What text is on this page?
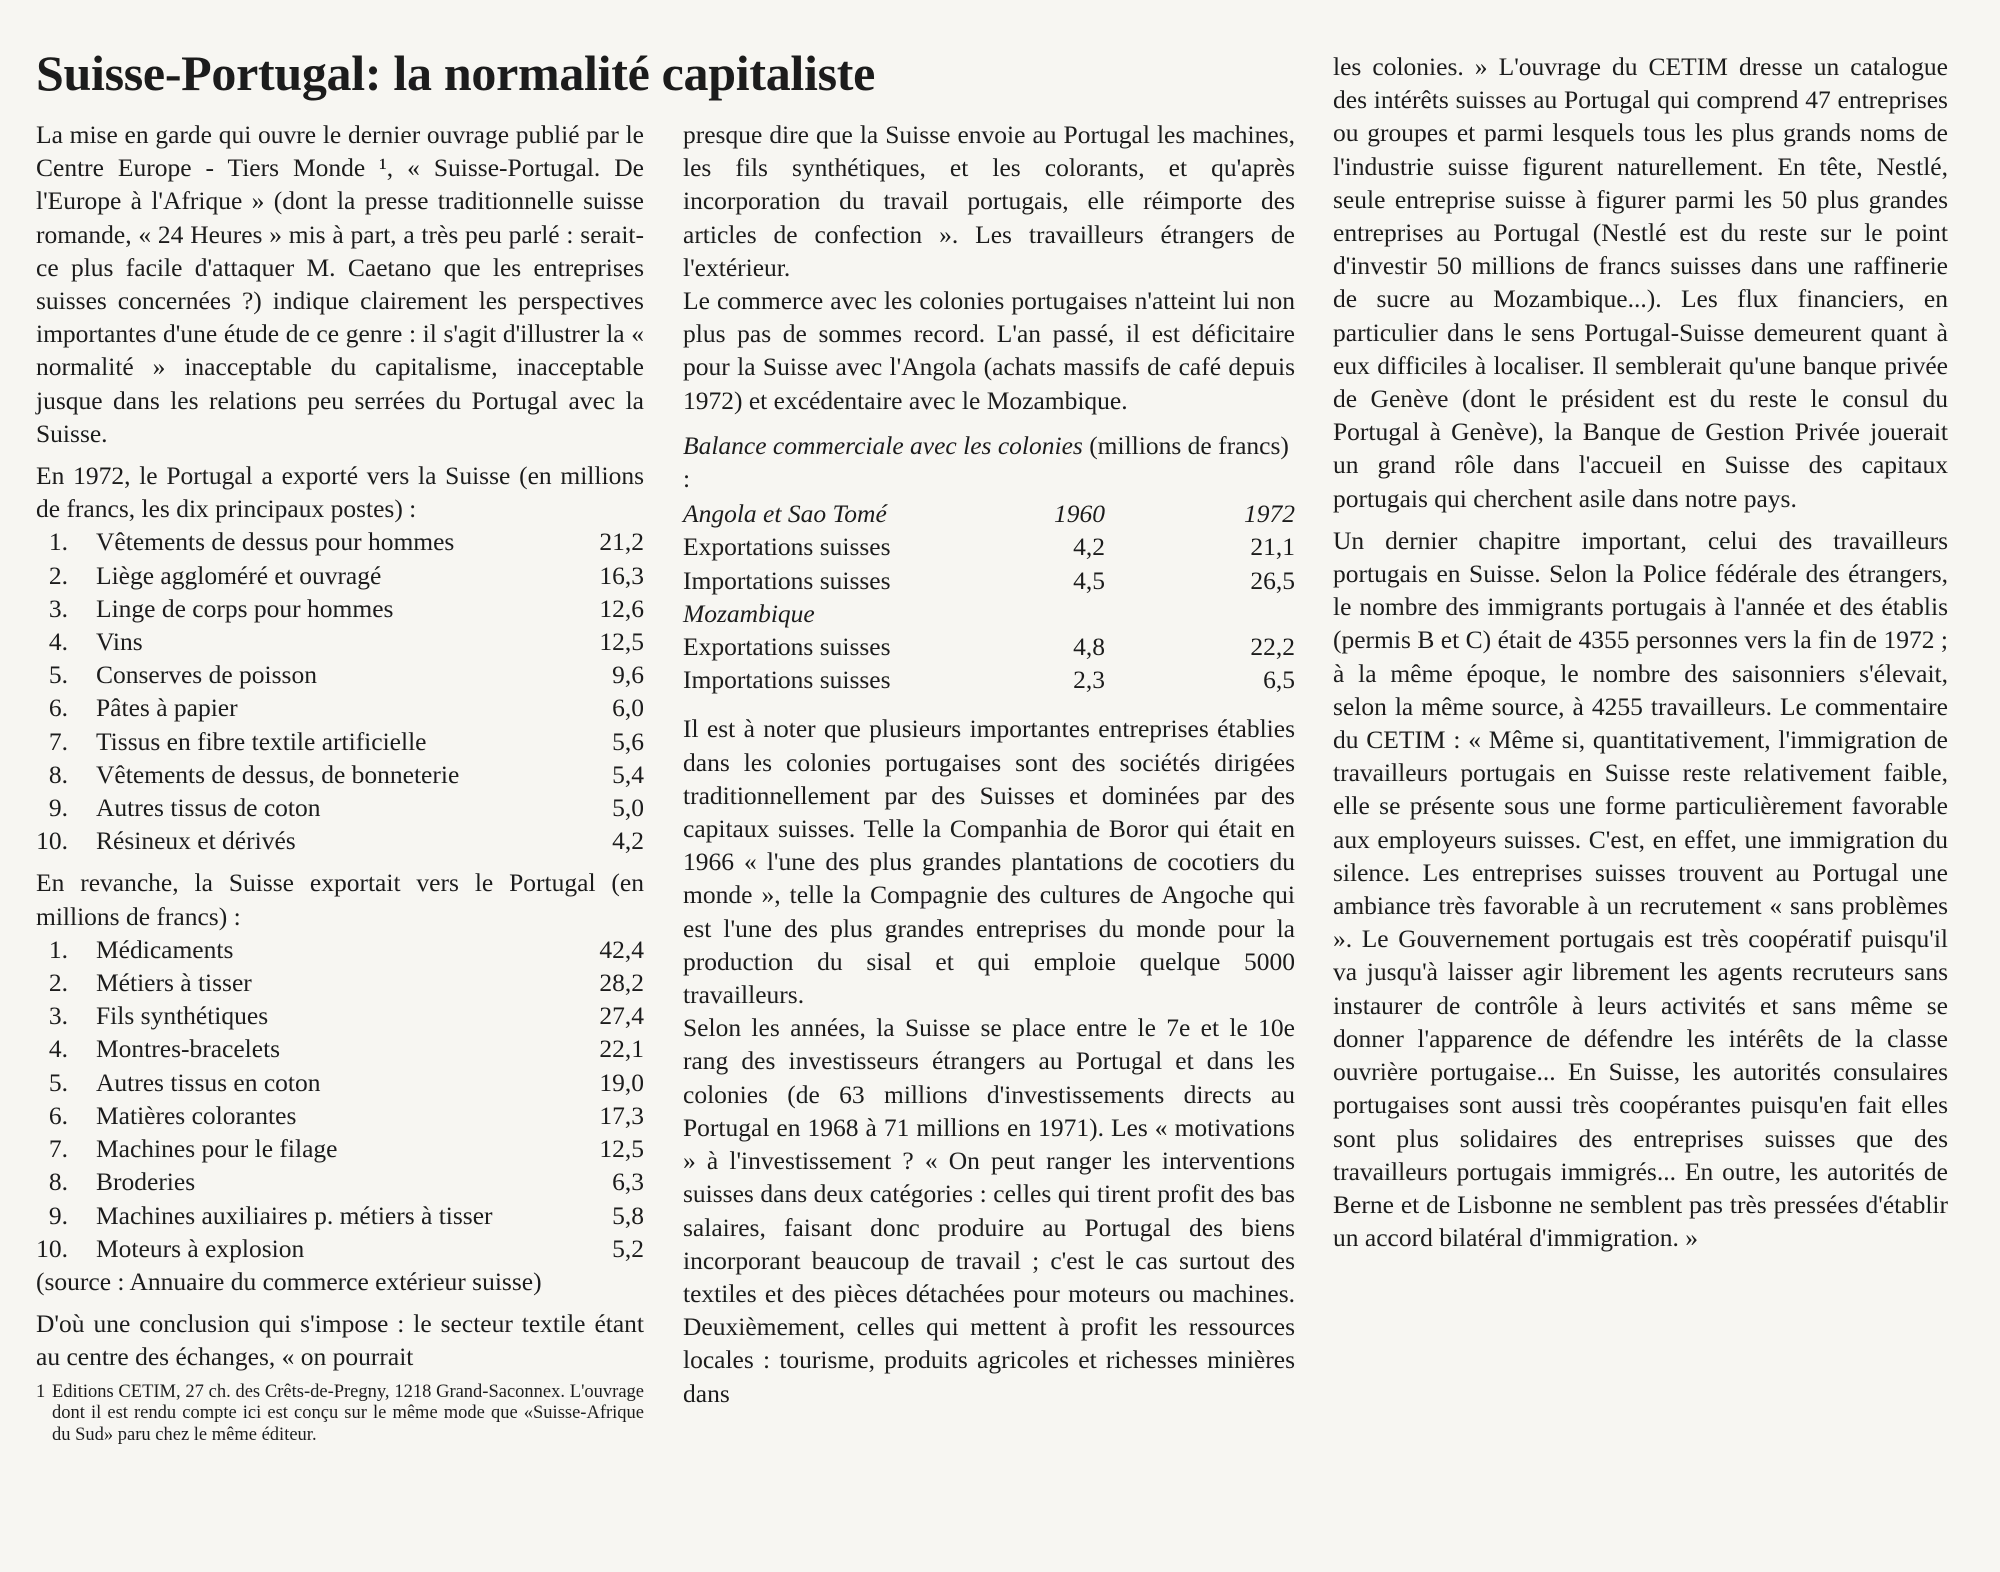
Suisse-Portugal: la normalité capitaliste

La mise en garde qui ouvre le dernier ouvrage publié par le Centre Europe - Tiers Monde ¹, « Suisse-Portugal. De l'Europe à l'Afrique » (dont la presse traditionnelle suisse romande, « 24 Heures » mis à part, a très peu parlé : serait-ce plus facile d'attaquer M. Caetano que les entreprises suisses concernées ?) indique clairement les perspectives importantes d'une étude de ce genre : il s'agit d'illustrer la « normalité » inacceptable du capitalisme, inacceptable jusque dans les relations peu serrées du Portugal avec la Suisse.

En 1972, le Portugal a exporté vers la Suisse (en millions de francs, les dix principaux postes) :

1. Vêtements de dessus pour hommes	21,2
2. Liège aggloméré et ouvragé	16,3
3. Linge de corps pour hommes	12,6
4. Vins	12,5
5. Conserves de poisson	9,6
6. Pâtes à papier	6,0
7. Tissus en fibre textile artificielle	5,6
8. Vêtements de dessus, de bonneterie	5,4
9. Autres tissus de coton	5,0
10. Résineux et dérivés	4,2

En revanche, la Suisse exportait vers le Portugal (en millions de francs) :

1. Médicaments	42,4
2. Métiers à tisser	28,2
3. Fils synthétiques	27,4
4. Montres-bracelets	22,1
5. Autres tissus en coton	19,0
6. Matières colorantes	17,3
7. Machines pour le filage	12,5
8. Broderies	6,3
9. Machines auxiliaires p. métiers à tisser	5,8
10. Moteurs à explosion	5,2

(source : Annuaire du commerce extérieur suisse)

D'où une conclusion qui s'impose : le secteur textile étant au centre des échanges, « on pourrait

1 Editions CETIM, 27 ch. des Crêts-de-Pregny, 1218 Grand-Saconnex. L'ouvrage dont il est rendu compte ici est conçu sur le même mode que «Suisse-Afrique du Sud» paru chez le même éditeur.

presque dire que la Suisse envoie au Portugal les machines, les fils synthétiques, et les colorants, et qu'après incorporation du travail portugais, elle réimporte des articles de confection ». Les travailleurs étrangers de l'extérieur.

Le commerce avec les colonies portugaises n'atteint lui non plus pas de sommes record. L'an passé, il est déficitaire pour la Suisse avec l'Angola (achats massifs de café depuis 1972) et excédentaire avec le Mozambique.

Balance commerciale avec les colonies (millions de francs) :

Angola et Sao Tomé	1960	1972
Exportations suisses	4,2	21,1
Importations suisses	4,5	26,5
Mozambique		
Exportations suisses	4,8	22,2
Importations suisses	2,3	6,5

Il est à noter que plusieurs importantes entreprises établies dans les colonies portugaises sont des sociétés dirigées traditionnellement par des Suisses et dominées par des capitaux suisses. Telle la Companhia de Boror qui était en 1966 « l'une des plus grandes plantations de cocotiers du monde », telle la Compagnie des cultures de Angoche qui est l'une des plus grandes entreprises du monde pour la production du sisal et qui emploie quelque 5000 travailleurs.

Selon les années, la Suisse se place entre le 7e et le 10e rang des investisseurs étrangers au Portugal et dans les colonies (de 63 millions d'investissements directs au Portugal en 1968 à 71 millions en 1971). Les « motivations » à l'investissement ? « On peut ranger les interventions suisses dans deux catégories : celles qui tirent profit des bas salaires, faisant donc produire au Portugal des biens incorporant beaucoup de travail ; c'est le cas surtout des textiles et des pièces détachées pour moteurs ou machines. Deuxièmement, celles qui mettent à profit les ressources locales : tourisme, produits agricoles et richesses minières dans

les colonies. » L'ouvrage du CETIM dresse un catalogue des intérêts suisses au Portugal qui comprend 47 entreprises ou groupes et parmi lesquels tous les plus grands noms de l'industrie suisse figurent naturellement. En tête, Nestlé, seule entreprise suisse à figurer parmi les 50 plus grandes entreprises au Portugal (Nestlé est du reste sur le point d'investir 50 millions de francs suisses dans une raffinerie de sucre au Mozambique...). Les flux financiers, en particulier dans le sens Portugal-Suisse demeurent quant à eux difficiles à localiser. Il semblerait qu'une banque privée de Genève (dont le président est du reste le consul du Portugal à Genève), la Banque de Gestion Privée jouerait un grand rôle dans l'accueil en Suisse des capitaux portugais qui cherchent asile dans notre pays.

Un dernier chapitre important, celui des travailleurs portugais en Suisse. Selon la Police fédérale des étrangers, le nombre des immigrants portugais à l'année et des établis (permis B et C) était de 4355 personnes vers la fin de 1972 ; à la même époque, le nombre des saisonniers s'élevait, selon la même source, à 4255 travailleurs. Le commentaire du CETIM : « Même si, quantitativement, l'immigration de travailleurs portugais en Suisse reste relativement faible, elle se présente sous une forme particulièrement favorable aux employeurs suisses. C'est, en effet, une immigration du silence. Les entreprises suisses trouvent au Portugal une ambiance très favorable à un recrutement « sans problèmes ». Le Gouvernement portugais est très coopératif puisqu'il va jusqu'à laisser agir librement les agents recruteurs sans instaurer de contrôle à leurs activités et sans même se donner l'apparence de défendre les intérêts de la classe ouvrière portugaise... En Suisse, les autorités consulaires portugaises sont aussi très coopérantes puisqu'en fait elles sont plus solidaires des entreprises suisses que des travailleurs portugais immigrés... En outre, les autorités de Berne et de Lisbonne ne semblent pas très pressées d'établir un accord bilatéral d'immigration. »
